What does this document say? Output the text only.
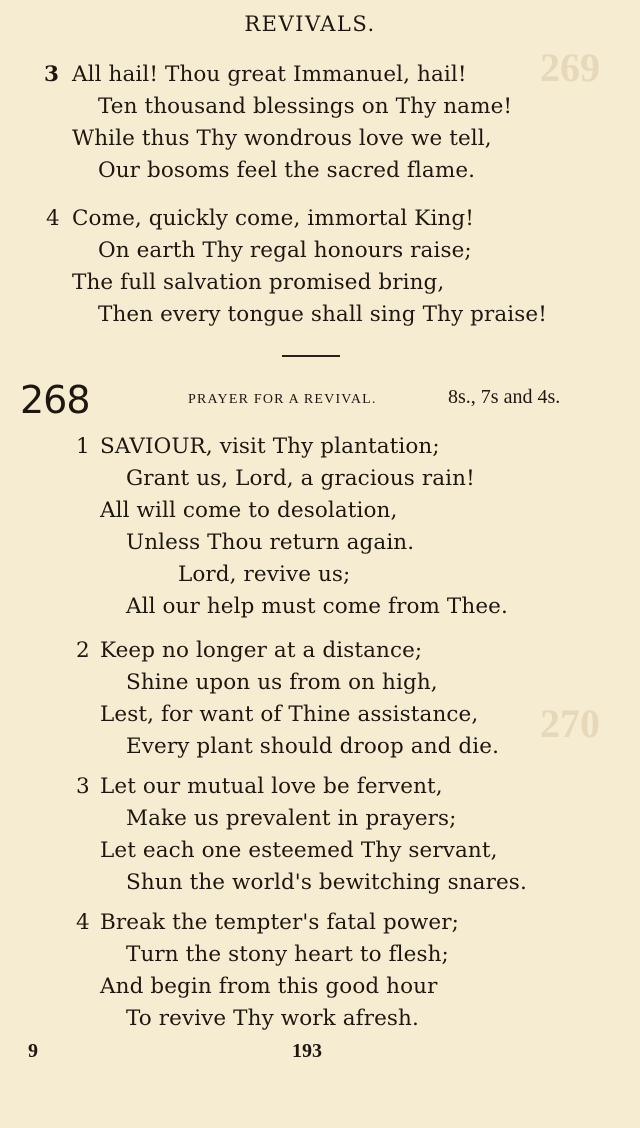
269
270
REVIVALS.
3 All hail! Thou great Immanuel, hail!
Ten thousand blessings on Thy name!
While thus Thy wondrous love we tell,
Our bosoms feel the sacred flame.
4 Come, quickly come, immortal King!
On earth Thy regal honours raise;
The full salvation promised bring,
Then every tongue shall sing Thy praise!
268	PRAYER FOR A REVIVAL.	8s., 7s and 4s.
1 SAVIOUR, visit Thy plantation;
Grant us, Lord, a gracious rain!
All will come to desolation,
Unless Thou return again.
Lord, revive us;
All our help must come from Thee.
2 Keep no longer at a distance;
Shine upon us from on high,
Lest, for want of Thine assistance,
Every plant should droop and die.
3 Let our mutual love be fervent,
Make us prevalent in prayers;
Let each one esteemed Thy servant,
Shun the world's bewitching snares.
4 Break the tempter's fatal power;
Turn the stony heart to flesh;
And begin from this good hour
To revive Thy work afresh.
9	193
